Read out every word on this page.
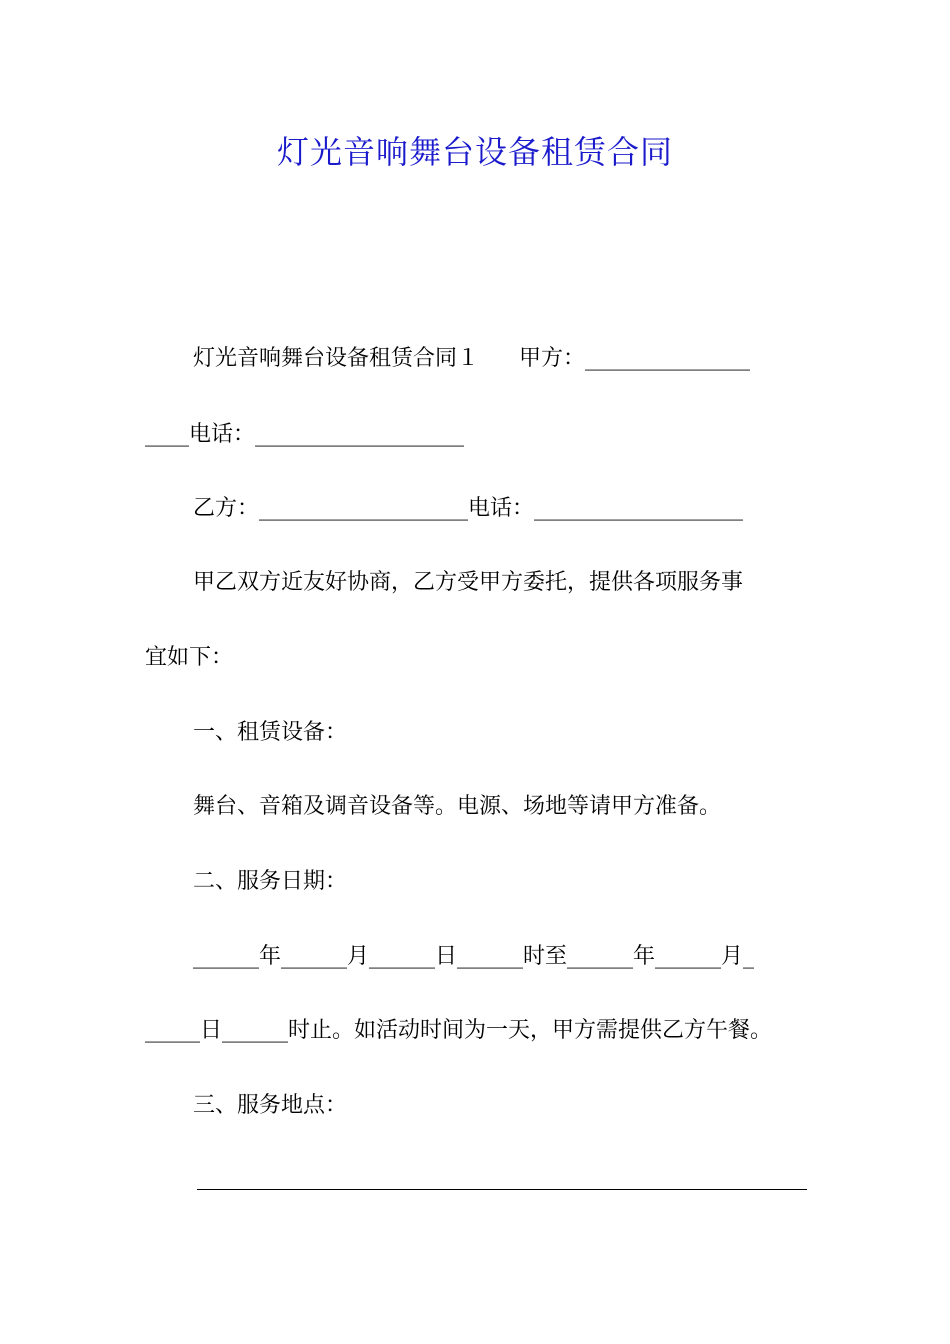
灯光音响舞台设备租赁合同
灯光音响舞台设备租赁合同１ 甲方：_______________
____电话：___________________
乙方：___________________电话：___________________
甲乙双方近友好协商，乙方受甲方委托，提供各项服务事
宜如下：
一、租赁设备：
舞台、音箱及调音设备等。电源、场地等请甲方准备。
二、服务日期：
______年______月______日______时至______年______月_
_____日______时止。如活动时间为一天，甲方需提供乙方午餐。
三、服务地点：
